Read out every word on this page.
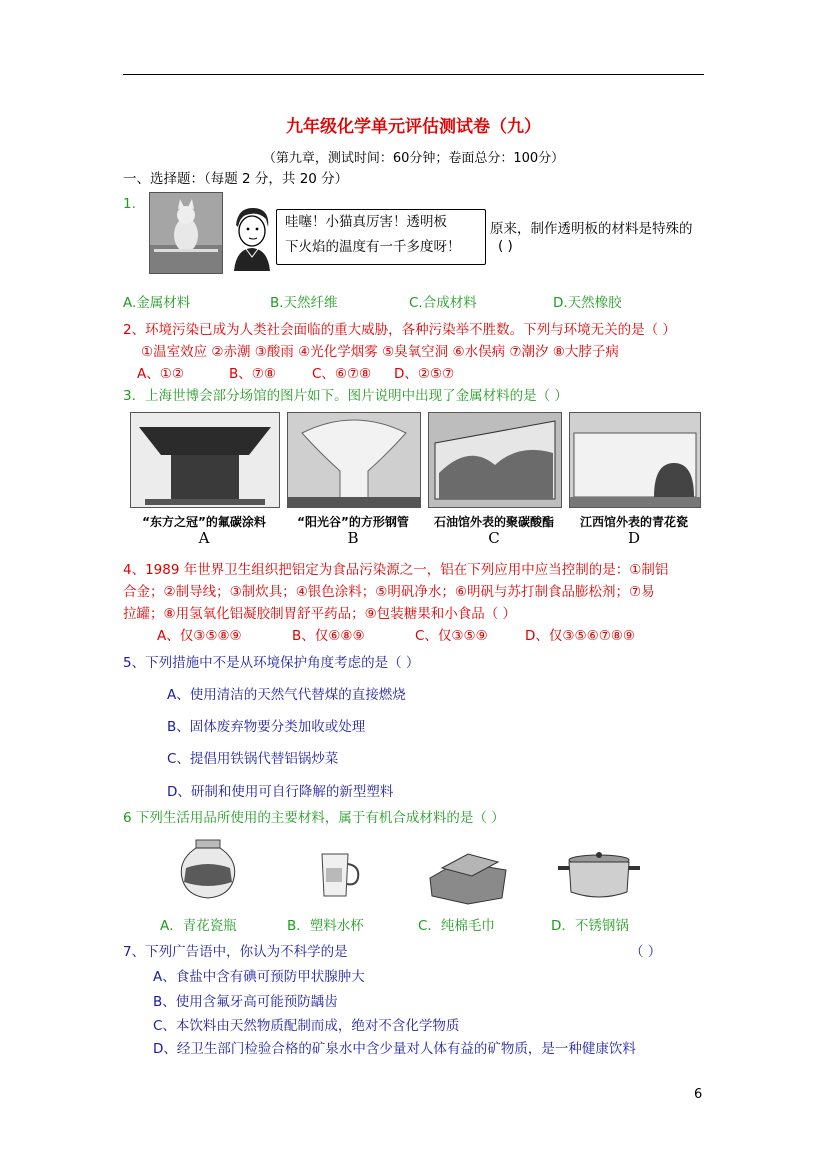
九年级化学单元评估测试卷（九）
（第九章，测试时间：60分钟；卷面总分：100分）
一、选择题：（每题 2 分，共 20 分）
1.
哇噻！小猫真厉害！透明板
下火焰的温度有一千多度呀！
原来，制作透明板的材料是特殊的
( )
A.金属材料	B.天然纤维	C.合成材料	D.天然橡胶
2、环境污染已成为人类社会面临的重大威胁，各种污染举不胜数。下列与环境无关的是（ ）
①温室效应 ②赤潮 ③酸雨 ④光化学烟雾 ⑤臭氧空洞 ⑥水俣病 ⑦潮汐 ⑧大脖子病
A、①②	B、⑦⑧	C、⑥⑦⑧ D、②⑤⑦
3．上海世博会部分场馆的图片如下。图片说明中出现了金属材料的是（ ）
“东方之冠”的氟碳涂料	“阳光谷”的方形钢管	石油馆外表的聚碳酸酯	江西馆外表的青花瓷
A	B	C	D
4、1989 年世界卫生组织把铝定为食品污染源之一，铝在下列应用中应当控制的是：①制铝
合金；②制导线；③制炊具；④银色涂料；⑤明矾净水；⑥明矾与苏打制食品膨松剂；⑦易
拉罐；⑧用氢氧化铝凝胶制胃舒平药品；⑨包装糖果和小食品（ ）
A、仅③⑤⑧⑨	B、仅⑥⑧⑨	C、仅③⑤⑨	D、仅③⑤⑥⑦⑧⑨
5、下列措施中不是从环境保护角度考虑的是（ ）
A、使用清洁的天然气代替煤的直接燃烧
B、固体废弃物要分类加收或处理
C、提倡用铁锅代替铝锅炒菜
D、研制和使用可自行降解的新型塑料
6 下列生活用品所使用的主要材料，属于有机合成材料的是（ ）
A．青花瓷瓶	B．塑料水杯	C．纯棉毛巾	D．不锈钢锅
7、下列广告语中，你认为不科学的是	（ ）
A、食盐中含有碘可预防甲状腺肿大
B、使用含氟牙高可能预防龋齿
C、本饮料由天然物质配制而成，绝对不含化学物质
D、经卫生部门检验合格的矿泉水中含少量对人体有益的矿物质，是一种健康饮料
6
